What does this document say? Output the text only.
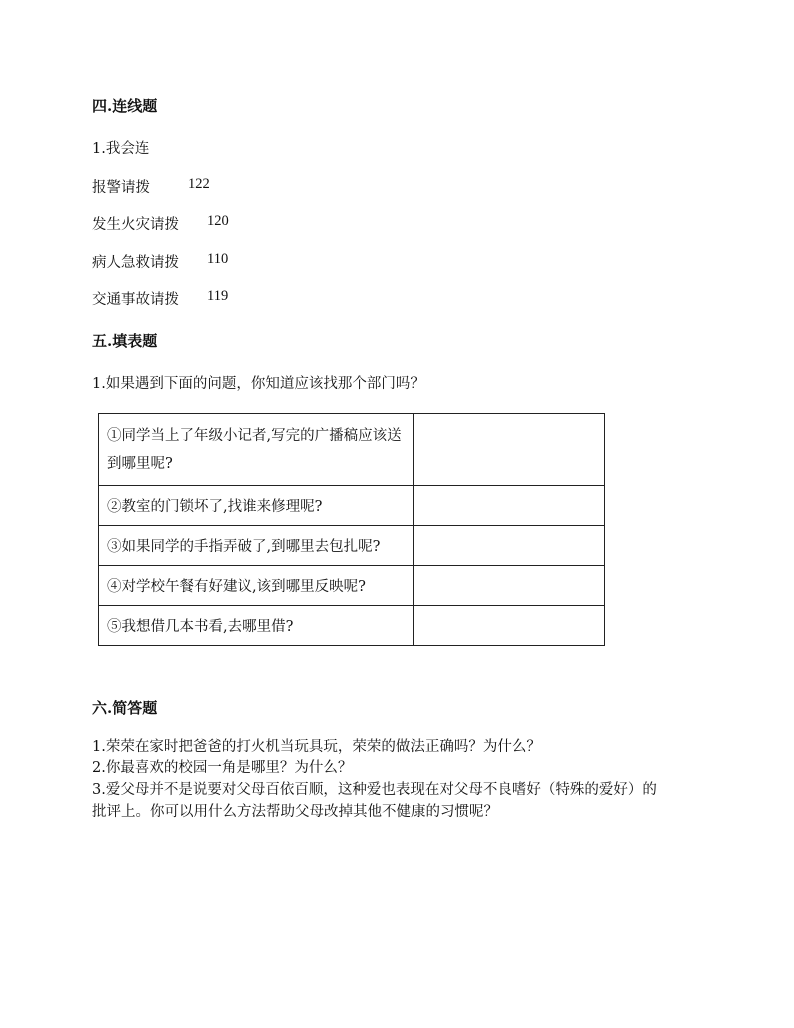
四.连线题
1.我会连
报警请拨	122
发生火灾请拨 120
病人急救请拨 110
交通事故请拨 119
五.填表题
1.如果遇到下面的问题，你知道应该找那个部门吗？
①同学当上了年级小记者,写完的广播稿应该送到哪里呢?	
②教室的门锁坏了,找谁来修理呢?	
③如果同学的手指弄破了,到哪里去包扎呢?	
④对学校午餐有好建议,该到哪里反映呢?	
⑤我想借几本书看,去哪里借?	
六.简答题
1.荣荣在家时把爸爸的打火机当玩具玩，荣荣的做法正确吗？为什么？
2.你最喜欢的校园一角是哪里？为什么？
3.爱父母并不是说要对父母百依百顺，这种爱也表现在对父母不良嗜好（特殊的爱好）的
批评上。你可以用什么方法帮助父母改掉其他不健康的习惯呢？
